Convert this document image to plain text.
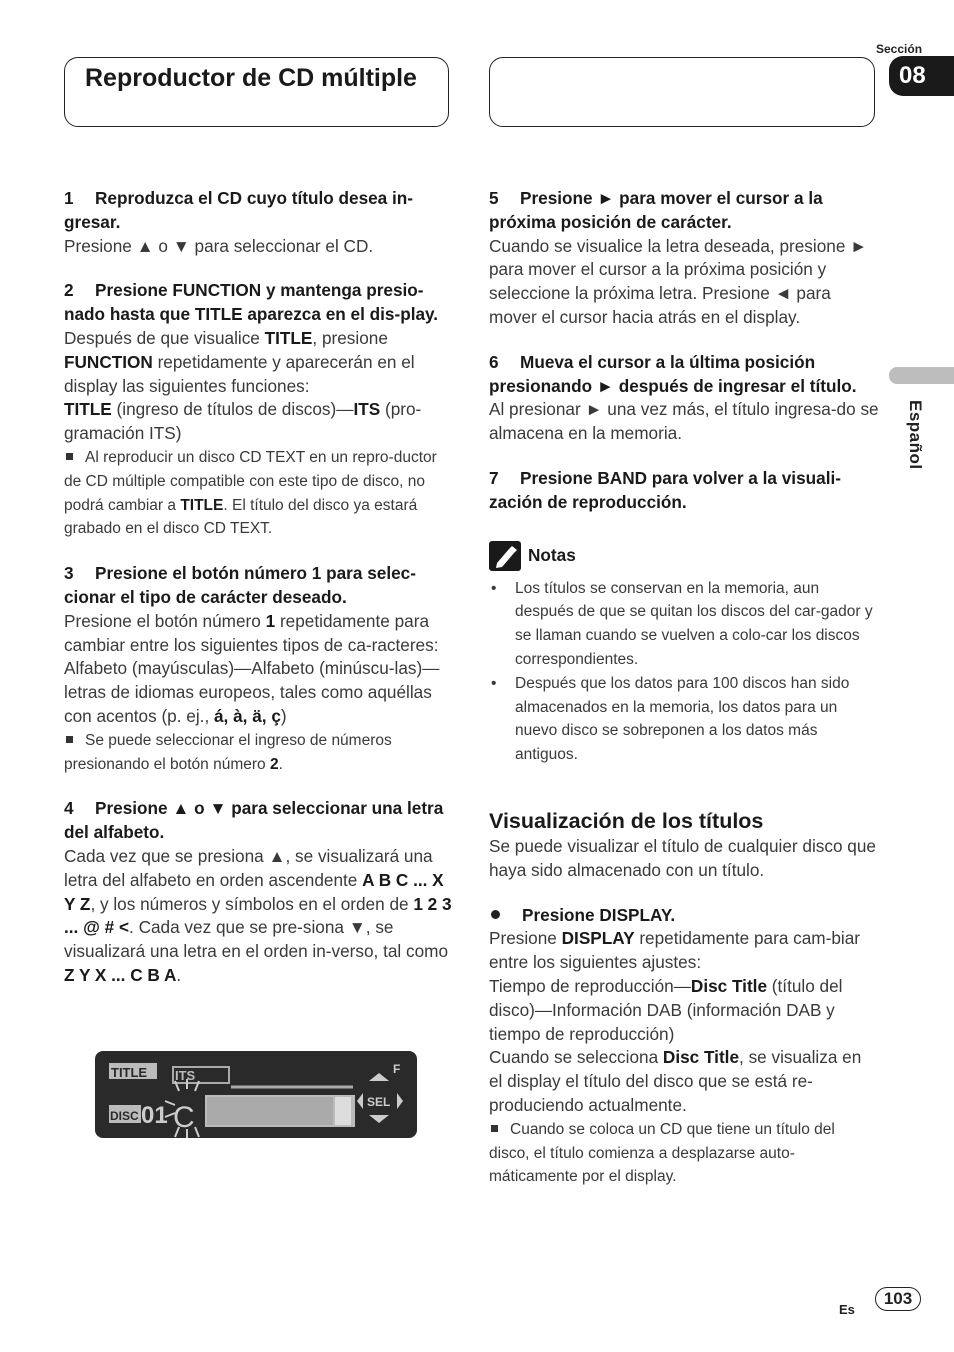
Reproductor de CD múltiple
Sección
08
Español

1 Reproduzca el CD cuyo título desea in-gresar.

Presione ▲ o ▼ para seleccionar el CD.

2 Presione FUNCTION y mantenga presio-nado hasta que TITLE aparezca en el dis-play.

Después de que visualice TITLE, presione FUNCTION repetidamente y aparecerán en el display las siguientes funciones:

TITLE (ingreso de títulos de discos)—ITS (pro-gramación ITS)

Al reproducir un disco CD TEXT en un repro-ductor de CD múltiple compatible con este tipo de disco, no podrá cambiar a TITLE. El título del disco ya estará grabado en el disco CD TEXT.

3 Presione el botón número 1 para selec-cionar el tipo de carácter deseado.

Presione el botón número 1 repetidamente para cambiar entre los siguientes tipos de ca-racteres:

Alfabeto (mayúsculas)—Alfabeto (minúscu-las)—letras de idiomas europeos, tales como aquéllas con acentos (p. ej., á, à, ä, ç)

Se puede seleccionar el ingreso de números presionando el botón número 2.

4 Presione ▲ o ▼ para seleccionar una letra del alfabeto.

Cada vez que se presiona ▲, se visualizará una letra del alfabeto en orden ascendente A B C ... X Y Z, y los números y símbolos en el orden de 1 2 3 ... @ # <. Cada vez que se pre-siona ▼, se visualizará una letra en el orden in-verso, tal como Z Y X ... C B A.

TITLE ITS
DISC 01 C	SEL
F

5 Presione ► para mover el cursor a la próxima posición de carácter.

Cuando se visualice la letra deseada, presione ► para mover el cursor a la próxima posición y seleccione la próxima letra. Presione ◄ para mover el cursor hacia atrás en el display.

6 Mueva el cursor a la última posición presionando ► después de ingresar el título.

Al presionar ► una vez más, el título ingresa-do se almacena en la memoria.

7 Presione BAND para volver a la visuali-zación de reproducción.

Notas
• Los títulos se conservan en la memoria, aun después de que se quitan los discos del car-gador y se llaman cuando se vuelven a colo-car los discos correspondientes.
• Después que los datos para 100 discos han sido almacenados en la memoria, los datos para un nuevo disco se sobreponen a los datos más antiguos.
Visualización de los títulos

Se puede visualizar el título de cualquier disco que haya sido almacenado con un título.

Presione DISPLAY.

Presione DISPLAY repetidamente para cam-biar entre los siguientes ajustes:

Tiempo de reproducción—Disc Title (título del disco)—Información DAB (información DAB y tiempo de reproducción)

Cuando se selecciona Disc Title, se visualiza en el display el título del disco que se está re-produciendo actualmente.

Cuando se coloca un CD que tiene un título del disco, el título comienza a desplazarse auto-máticamente por el display.

Es
103
